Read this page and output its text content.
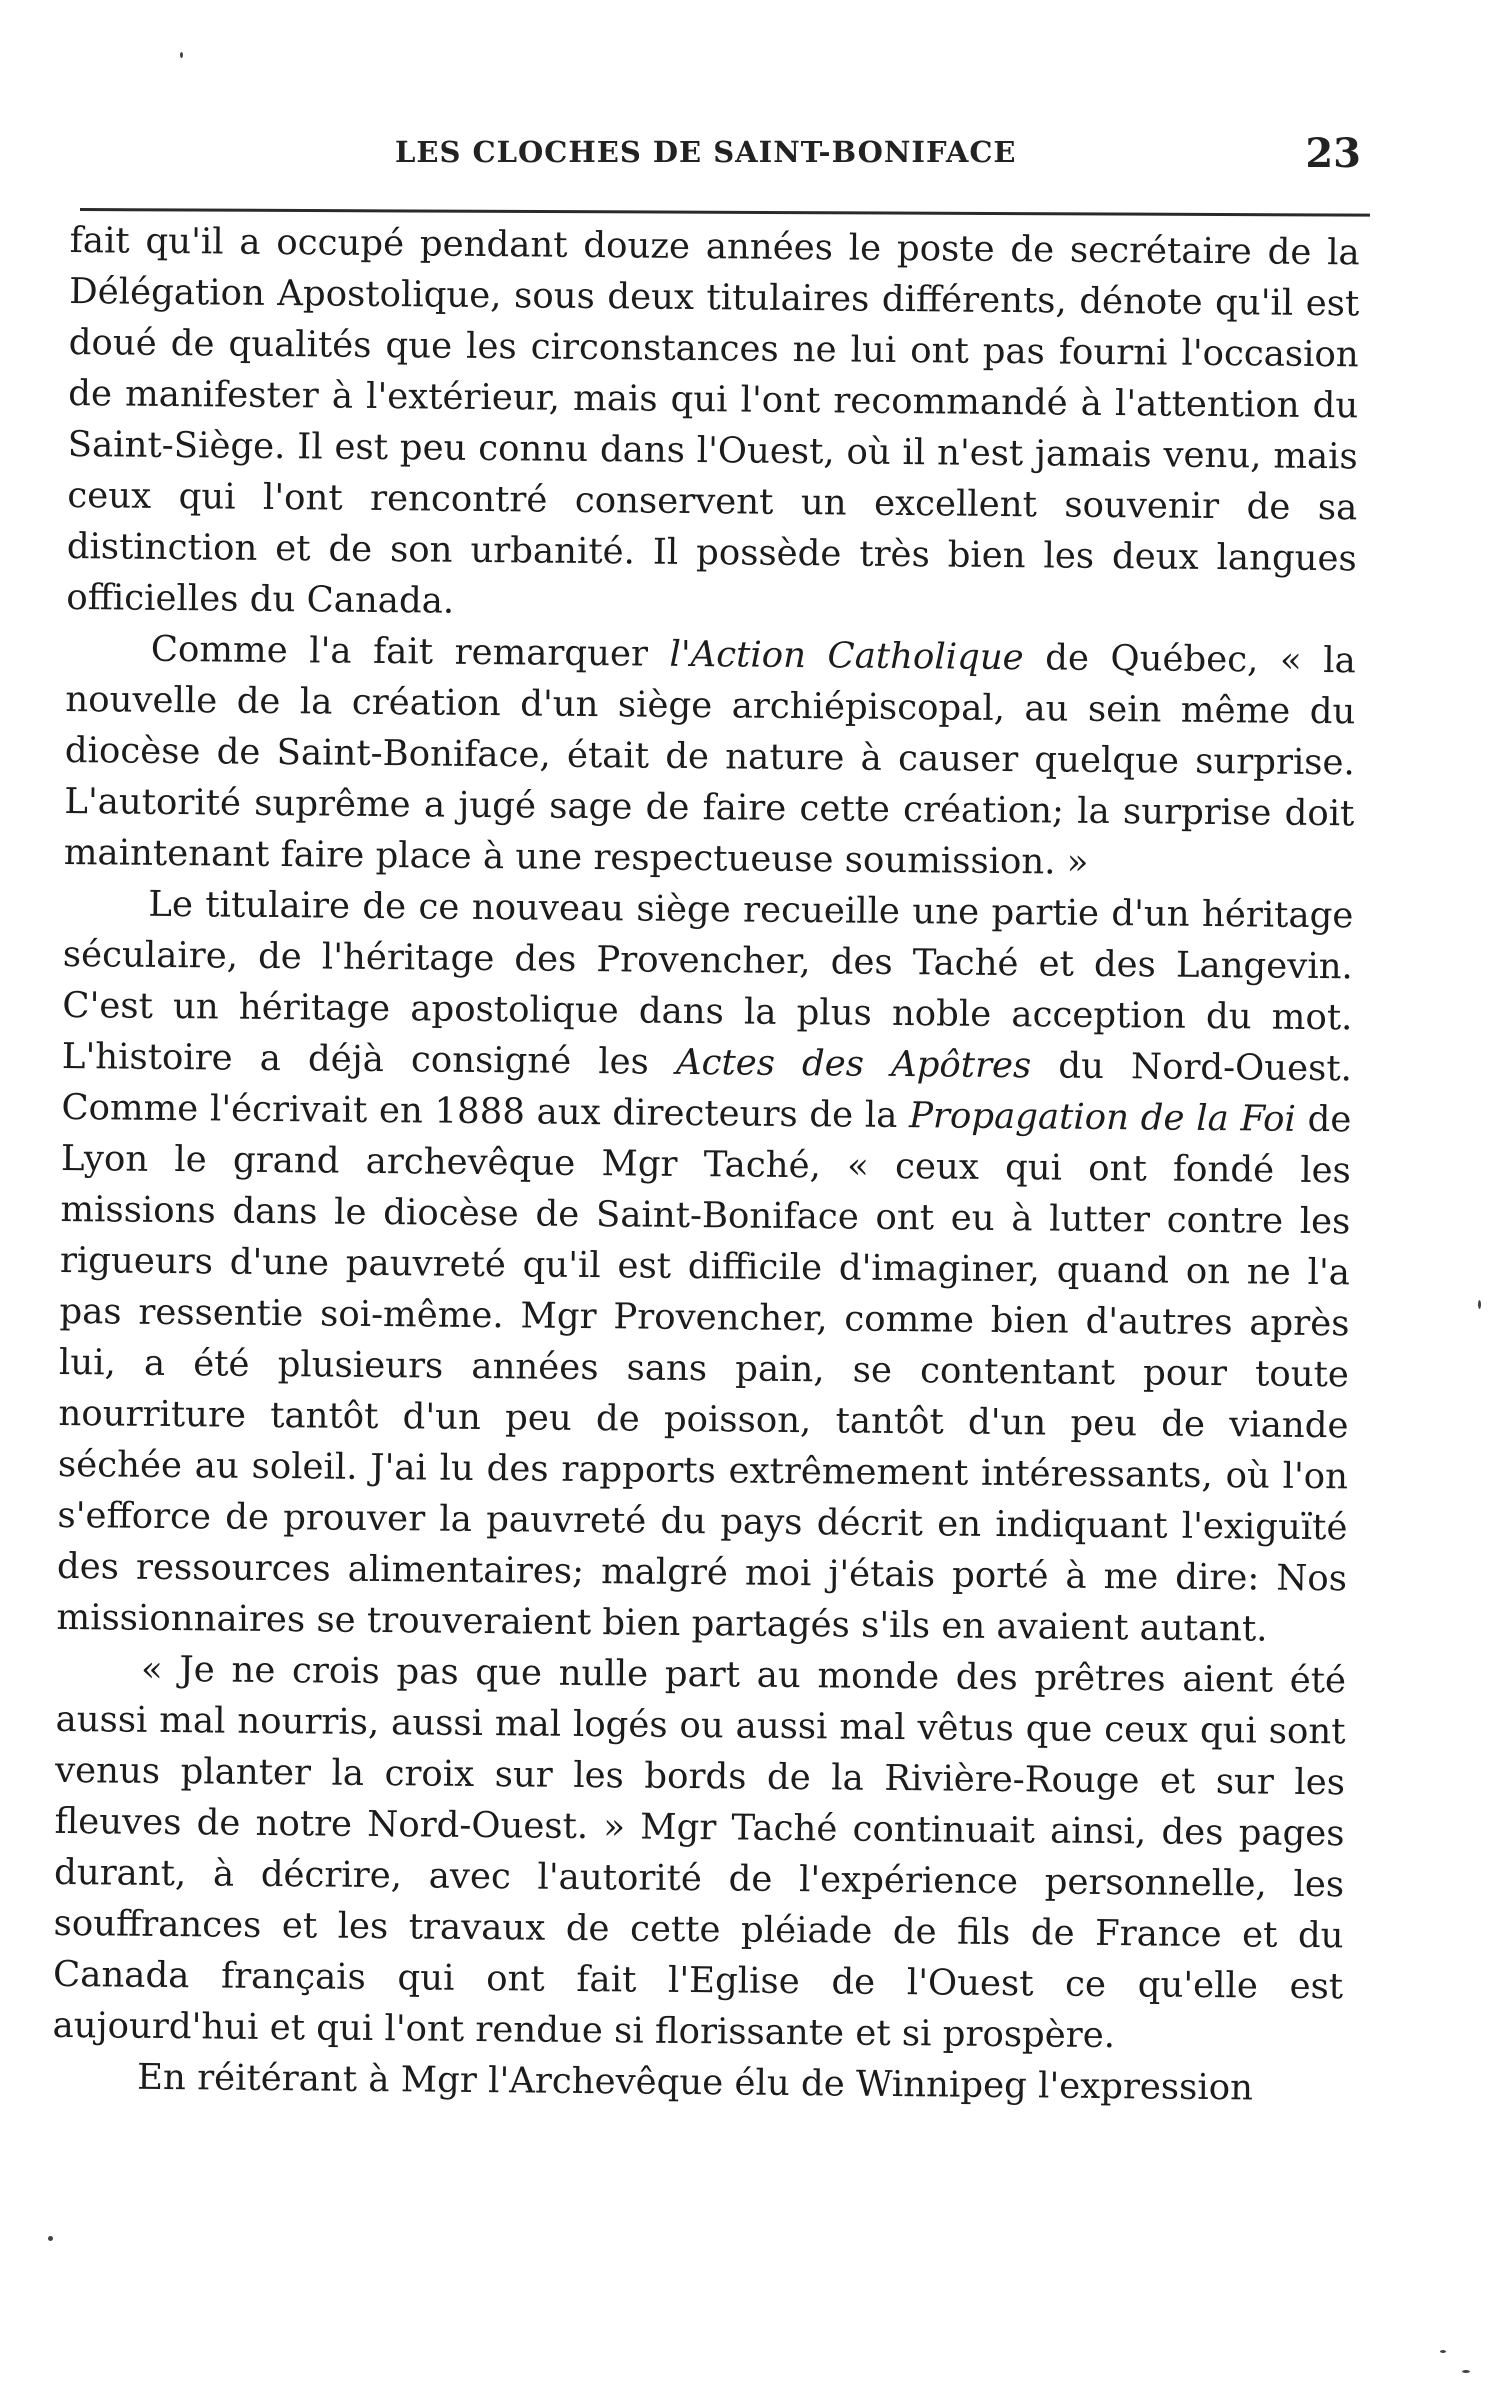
LES CLOCHES DE SAINT-BONIFACE	23

fait qu'il a occupé pendant douze années le poste de secrétaire de la Délégation Apostolique, sous deux titulaires différents, dénote qu'il est doué de qualités que les circonstances ne lui ont pas fourni l'occasion de manifester à l'extérieur, mais qui l'ont recommandé à l'attention du Saint-Siège. Il est peu connu dans l'Ouest, où il n'est jamais venu, mais ceux qui l'ont rencontré conservent un excellent souvenir de sa distinction et de son urbanité. Il possède très bien les deux langues officielles du Canada.

Comme l'a fait remarquer l'Action Catholique de Québec, « la nouvelle de la création d'un siège archiépiscopal, au sein même du diocèse de Saint-Boniface, était de nature à causer quelque surprise. L'autorité suprême a jugé sage de faire cette création; la surprise doit maintenant faire place à une respectueuse soumission. »

Le titulaire de ce nouveau siège recueille une partie d'un héritage séculaire, de l'héritage des Provencher, des Taché et des Langevin. C'est un héritage apostolique dans la plus noble acception du mot. L'histoire a déjà consigné les Actes des Apôtres du Nord-Ouest. Comme l'écrivait en 1888 aux directeurs de la Propagation de la Foi de Lyon le grand archevêque Mgr Taché, « ceux qui ont fondé les missions dans le diocèse de Saint-Boniface ont eu à lutter contre les rigueurs d'une pauvreté qu'il est difficile d'imaginer, quand on ne l'a pas ressentie soi-même. Mgr Provencher, comme bien d'autres après lui, a été plusieurs années sans pain, se contentant pour toute nourriture tantôt d'un peu de poisson, tantôt d'un peu de viande séchée au soleil. J'ai lu des rapports extrêmement intéressants, où l'on s'efforce de prouver la pauvreté du pays décrit en indiquant l'exiguïté des ressources alimentaires; malgré moi j'étais porté à me dire: Nos missionnaires se trouveraient bien partagés s'ils en avaient autant.

« Je ne crois pas que nulle part au monde des prêtres aient été aussi mal nourris, aussi mal logés ou aussi mal vêtus que ceux qui sont venus planter la croix sur les bords de la Rivière-Rouge et sur les fleuves de notre Nord-Ouest. » Mgr Taché continuait ainsi, des pages durant, à décrire, avec l'autorité de l'expérience personnelle, les souffrances et les travaux de cette pléiade de fils de France et du Canada français qui ont fait l'Eglise de l'Ouest ce qu'elle est aujourd'hui et qui l'ont rendue si florissante et si prospère.

En réitérant à Mgr l'Archevêque élu de Winnipeg l'expression
